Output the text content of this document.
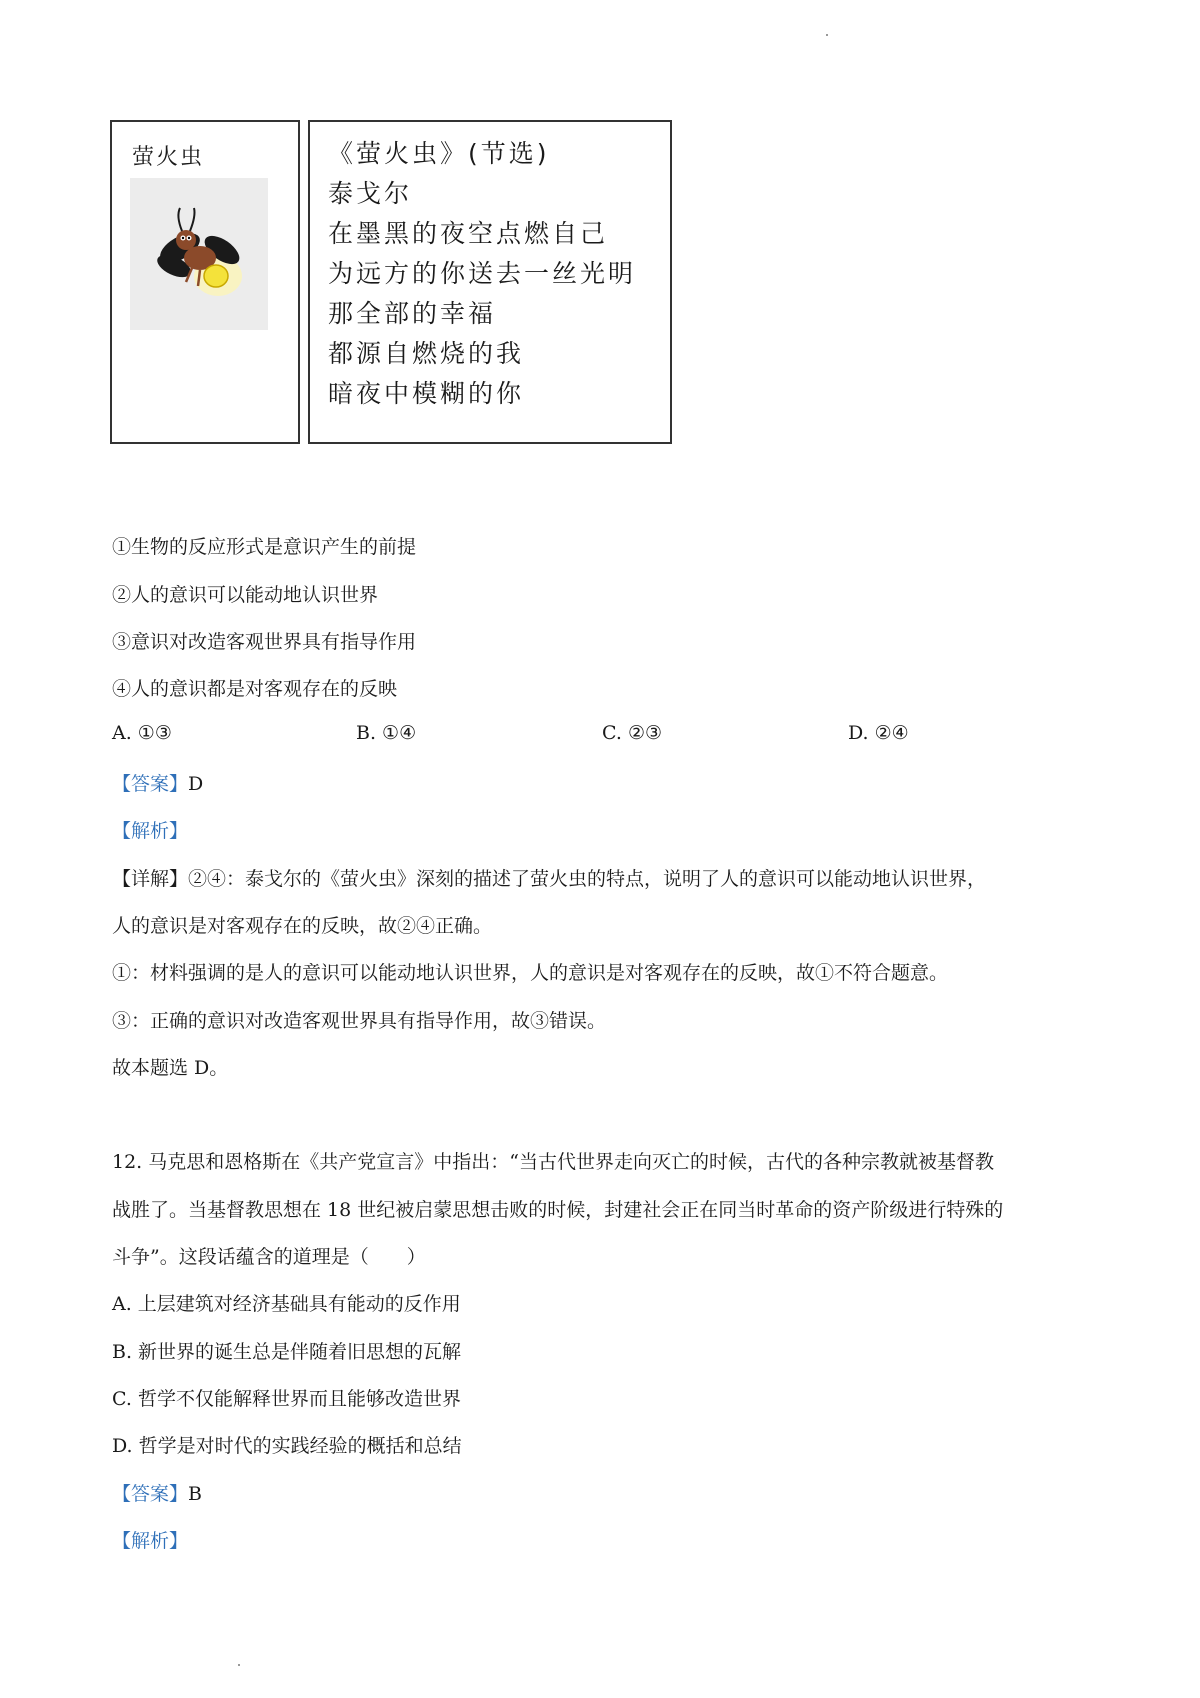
萤火虫	《萤火虫》(节选)
泰戈尔
在墨黑的夜空点燃自己
为远方的你送去一丝光明
那全部的幸福
都源自燃烧的我
暗夜中模糊的你
①生物的反应形式是意识产生的前提
②人的意识可以能动地认识世界
③意识对改造客观世界具有指导作用
④人的意识都是对客观存在的反映
A. ①③	B. ①④	C. ②③	D. ②④
【答案】D
【解析】
【详解】②④：泰戈尔的《萤火虫》深刻的描述了萤火虫的特点，说明了人的意识可以能动地认识世界，
人的意识是对客观存在的反映，故②④正确。
①：材料强调的是人的意识可以能动地认识世界，人的意识是对客观存在的反映，故①不符合题意。
③：正确的意识对改造客观世界具有指导作用，故③错误。
故本题选 D。
12. 马克思和恩格斯在《共产党宣言》中指出：“当古代世界走向灭亡的时候，古代的各种宗教就被基督教
战胜了。当基督教思想在 18 世纪被启蒙思想击败的时候，封建社会正在同当时革命的资产阶级进行特殊的
斗争”。这段话蕴含的道理是（　　）
A. 上层建筑对经济基础具有能动的反作用
B. 新世界的诞生总是伴随着旧思想的瓦解
C. 哲学不仅能解释世界而且能够改造世界
D. 哲学是对时代的实践经验的概括和总结
【答案】B
【解析】
